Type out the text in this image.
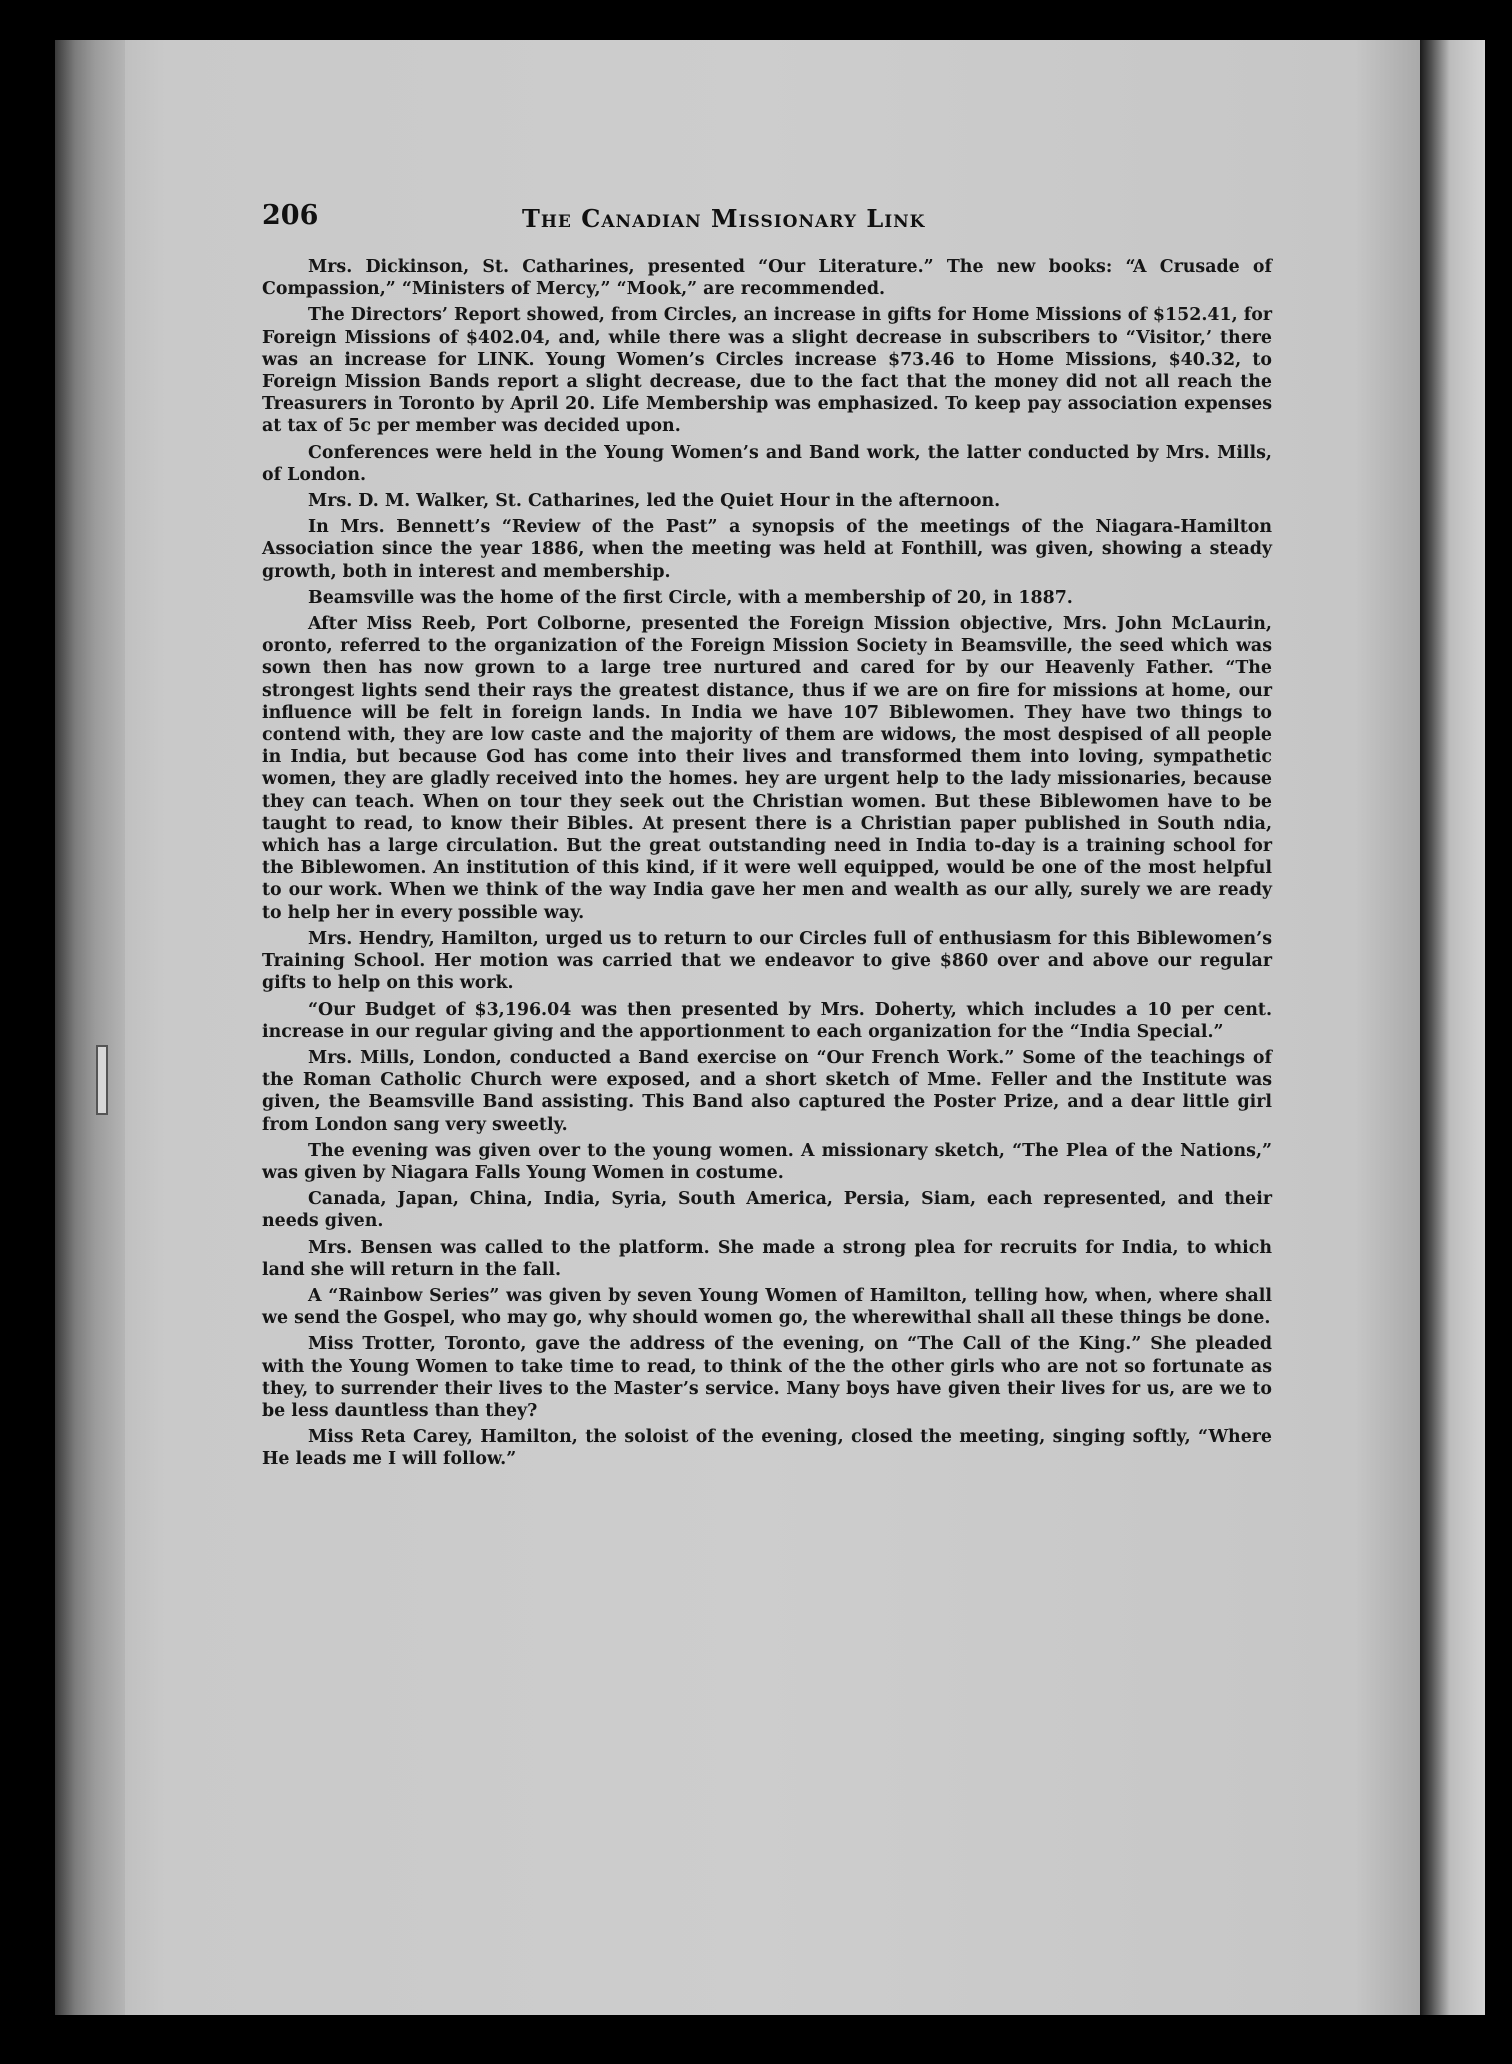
206	The Canadian Missionary Link

Mrs. Dickinson, St. Catharines, presented “Our Literature.” The new books: “A Crusade of Compassion,” “Ministers of Mercy,” “Mook,” are recommended.

The Directors’ Report showed, from Circles, an increase in gifts for Home Missions of $152.41, for Foreign Missions of $402.04, and, while there was a slight decrease in subscribers to “Visitor,’ there was an increase for LINK. Young Women’s Circles increase $73.46 to Home Missions, $40.32, to Foreign Mission Bands report a slight decrease, due to the fact that the money did not all reach the Treasurers in Toronto by April 20. Life Membership was emphasized. To keep pay association expenses at tax of 5c per member was decided upon.

Conferences were held in the Young Women’s and Band work, the latter conducted by Mrs. Mills, of London.

Mrs. D. M. Walker, St. Catharines, led the Quiet Hour in the afternoon.

In Mrs. Bennett’s “Review of the Past” a synopsis of the meetings of the Niagara-Hamilton Association since the year 1886, when the meeting was held at Fonthill, was given, showing a steady growth, both in interest and membership.

Beamsville was the home of the first Circle, with a membership of 20, in 1887.

After Miss Reeb, Port Colborne, presented the Foreign Mission objective, Mrs. John McLaurin, oronto, referred to the organization of the Foreign Mission Society in Beamsville, the seed which was sown then has now grown to a large tree nurtured and cared for by our Heavenly Father. “The strongest lights send their rays the greatest distance, thus if we are on fire for missions at home, our influence will be felt in foreign lands. In India we have 107 Biblewomen. They have two things to contend with, they are low caste and the majority of them are widows, the most despised of all people in India, but because God has come into their lives and transformed them into loving, sympathetic women, they are gladly received into the homes. hey are urgent help to the lady missionaries, because they can teach. When on tour they seek out the Christian women. But these Biblewomen have to be taught to read, to know their Bibles. At present there is a Christian paper published in South ndia, which has a large circulation. But the great outstanding need in India to-day is a training school for the Biblewomen. An institution of this kind, if it were well equipped, would be one of the most helpful to our work. When we think of the way India gave her men and wealth as our ally, surely we are ready to help her in every possible way.

Mrs. Hendry, Hamilton, urged us to return to our Circles full of enthusiasm for this Biblewomen’s Training School. Her motion was carried that we endeavor to give $860 over and above our regular gifts to help on this work.

“Our Budget of $3,196.04 was then presented by Mrs. Doherty, which includes a 10 per cent. increase in our regular giving and the apportionment to each organization for the “India Special.”

Mrs. Mills, London, conducted a Band exercise on “Our French Work.” Some of the teachings of the Roman Catholic Church were exposed, and a short sketch of Mme. Feller and the Institute was given, the Beamsville Band assisting. This Band also captured the Poster Prize, and a dear little girl from London sang very sweetly.

The evening was given over to the young women. A missionary sketch, “The Plea of the Nations,” was given by Niagara Falls Young Women in costume.

Canada, Japan, China, India, Syria, South America, Persia, Siam, each represented, and their needs given.

Mrs. Bensen was called to the platform. She made a strong plea for recruits for India, to which land she will return in the fall.

A “Rainbow Series” was given by seven Young Women of Hamilton, telling how, when, where shall we send the Gospel, who may go, why should women go, the wherewithal shall all these things be done.

Miss Trotter, Toronto, gave the address of the evening, on “The Call of the King.” She pleaded with the Young Women to take time to read, to think of the the other girls who are not so fortunate as they, to surrender their lives to the Master’s service. Many boys have given their lives for us, are we to be less dauntless than they?

Miss Reta Carey, Hamilton, the soloist of the evening, closed the meeting, singing softly, “Where He leads me I will follow.”
